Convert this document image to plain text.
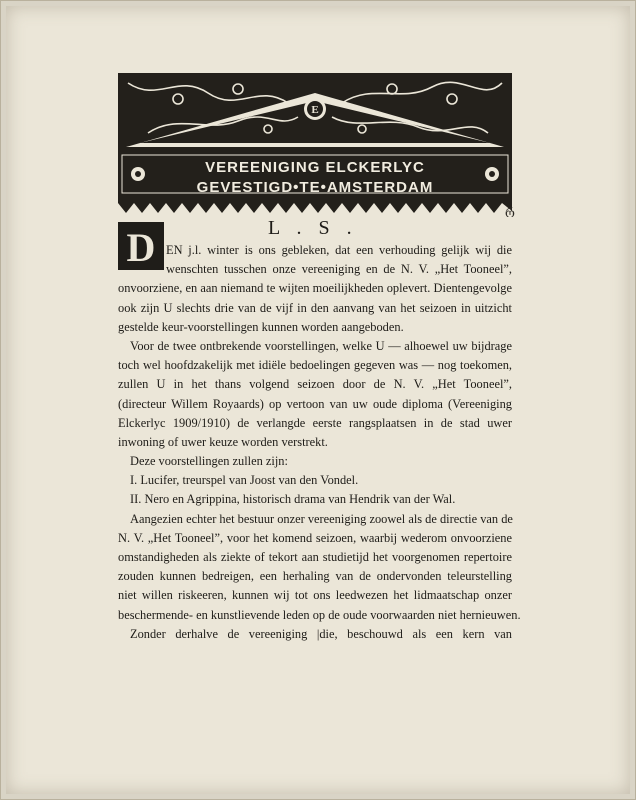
E
VEREENIGING ELCKERLYC
GEVESTIGD•TE•AMSTERDAM
L . S .
რ
D EN j.l. winter is ons gebleken, dat een verhouding gelijk wij die
wenschten tusschen onze vereeniging en de N. V. „Het Tooneel”,
onvoorziene, en aan niemand te wijten moeilijkheden oplevert. Dientengevolge
ook zijn U slechts drie van de vijf in den aanvang van het seizoen in uitzicht
gestelde keur-voorstellingen kunnen worden aangeboden.
Voor de twee ontbrekende voorstellingen, welke U — alhoewel uw bijdrage
toch wel hoofdzakelijk met idiële bedoelingen gegeven was — nog toekomen,
zullen U in het thans volgend seizoen door de N. V. „Het Tooneel”,
(directeur Willem Royaards) op vertoon van uw oude diploma (Vereeniging
Elckerlyc 1909/1910) de verlangde eerste rangsplaatsen in de stad uwer
inwoning of uwer keuze worden verstrekt.
Deze voorstellingen zullen zijn:
I. Lucifer, treurspel van Joost van den Vondel.
II. Nero en Agrippina, historisch drama van Hendrik van der Wal.
Aangezien echter het bestuur onzer vereeniging zoowel als de directie van de
N. V. „Het Tooneel”, voor het komend seizoen, waarbij wederom onvoorziene
omstandigheden als ziekte of tekort aan studietijd het voorgenomen repertoire
zouden kunnen bedreigen, een herhaling van de ondervonden teleurstelling
niet willen riskeeren, kunnen wij tot ons leedwezen het lidmaatschap onzer
beschermende- en kunstlievende leden op de oude voorwaarden niet hernieuwen.
Zonder derhalve de vereeniging |die, beschouwd als een kern van
